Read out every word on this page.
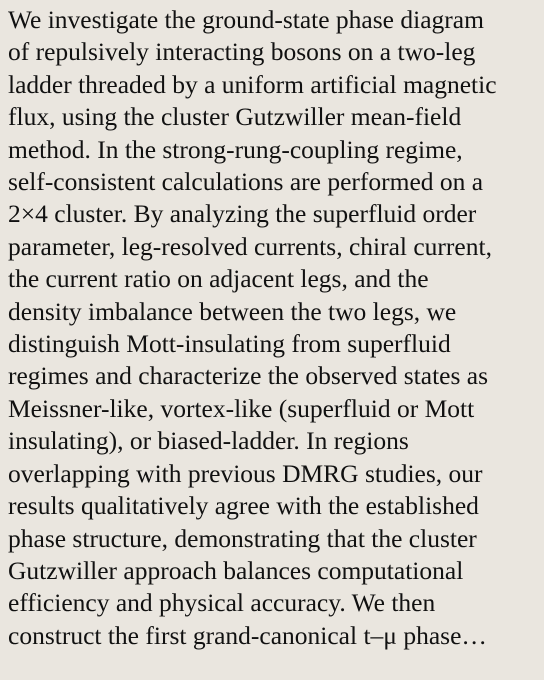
We investigate the ground-state phase diagram

of repulsively interacting bosons on a two-leg

ladder threaded by a uniform artificial magnetic

flux, using the cluster Gutzwiller mean-field

method. In the strong-rung-coupling regime,

self-consistent calculations are performed on a

2×4 cluster. By analyzing the superfluid order

parameter, leg-resolved currents, chiral current,

the current ratio on adjacent legs, and the

density imbalance between the two legs, we

distinguish Mott-insulating from superfluid

regimes and characterize the observed states as

Meissner-like, vortex-like (superfluid or Mott

insulating), or biased-ladder. In regions

overlapping with previous DMRG studies, our

results qualitatively agree with the established

phase structure, demonstrating that the cluster

Gutzwiller approach balances computational

efficiency and physical accuracy. We then

construct the first grand-canonical t–μ phase…
